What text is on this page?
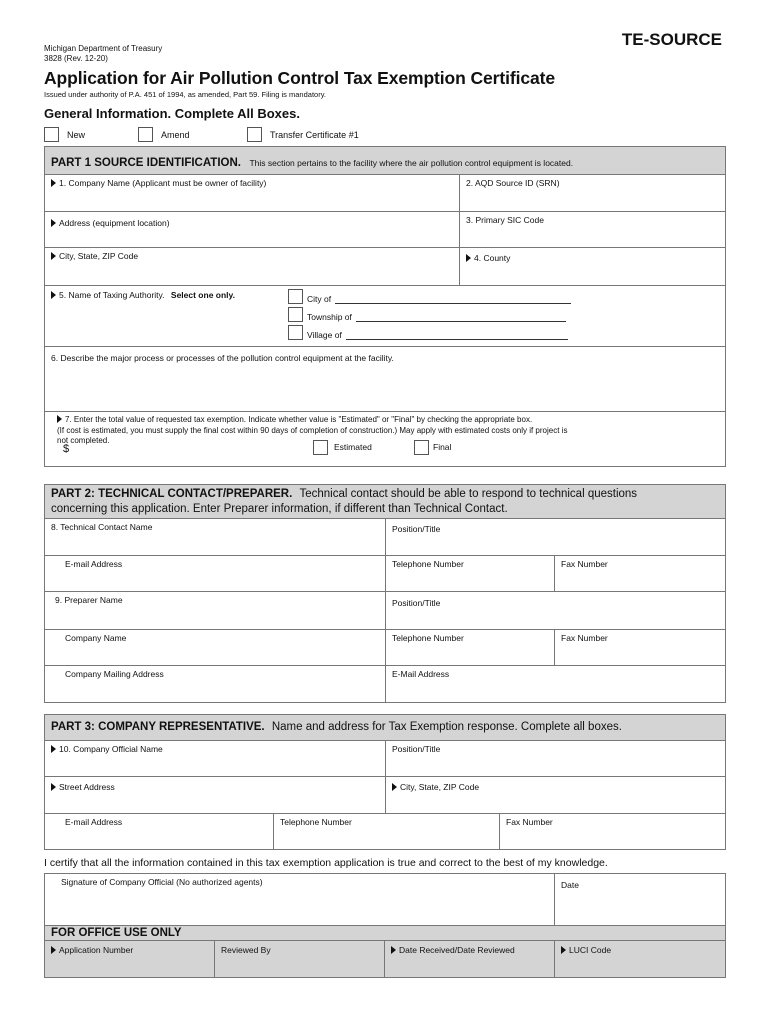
Michigan Department of Treasury
3828 (Rev. 12-20)
TE-SOURCE
Application for Air Pollution Control Tax Exemption Certificate
Issued under authority of P.A. 451 of 1994, as amended, Part 59. Filing is mandatory.
General Information. Complete All Boxes.
New	Amend	Transfer Certificate #1
PART 1 SOURCE IDENTIFICATION. This section pertains to the facility where the air pollution control equipment is located.
1. Company Name (Applicant must be owner of facility)	2. AQD Source ID (SRN)
Address (equipment location)	3. Primary SIC Code
City, State, ZIP Code	4. County
5. Name of Taxing Authority. Select one only.	City of
Township of
Village of
6. Describe the major process or processes of the pollution control equipment at the facility.
7. Enter the total value of requested tax exemption. Indicate whether value is "Estimated" or "Final" by checking the appropriate box.
(If cost is estimated, you must supply the final cost within 90 days of completion of construction.) May apply with estimated costs only if project is
not completed.
$	Estimated	Final
PART 2: TECHNICAL CONTACT/PREPARER. Technical contact should be able to respond to technical questions
concerning this application. Enter Preparer information, if different than Technical Contact.
8. Technical Contact Name	Position/Title
E-mail Address	Telephone Number	Fax Number
9. Preparer Name	Position/Title
Company Name	Telephone Number	Fax Number
Company Mailing Address	E-Mail Address
PART 3: COMPANY REPRESENTATIVE. Name and address for Tax Exemption response. Complete all boxes.
10. Company Official Name	Position/Title
Street Address	City, State, ZIP Code
E-mail Address	Telephone Number	Fax Number
I certify that all the information contained in this tax exemption application is true and correct to the best of my knowledge.
Signature of Company Official (No authorized agents)	Date
FOR OFFICE USE ONLY
Application Number	Reviewed By	Date Received/Date Reviewed	LUCI Code
